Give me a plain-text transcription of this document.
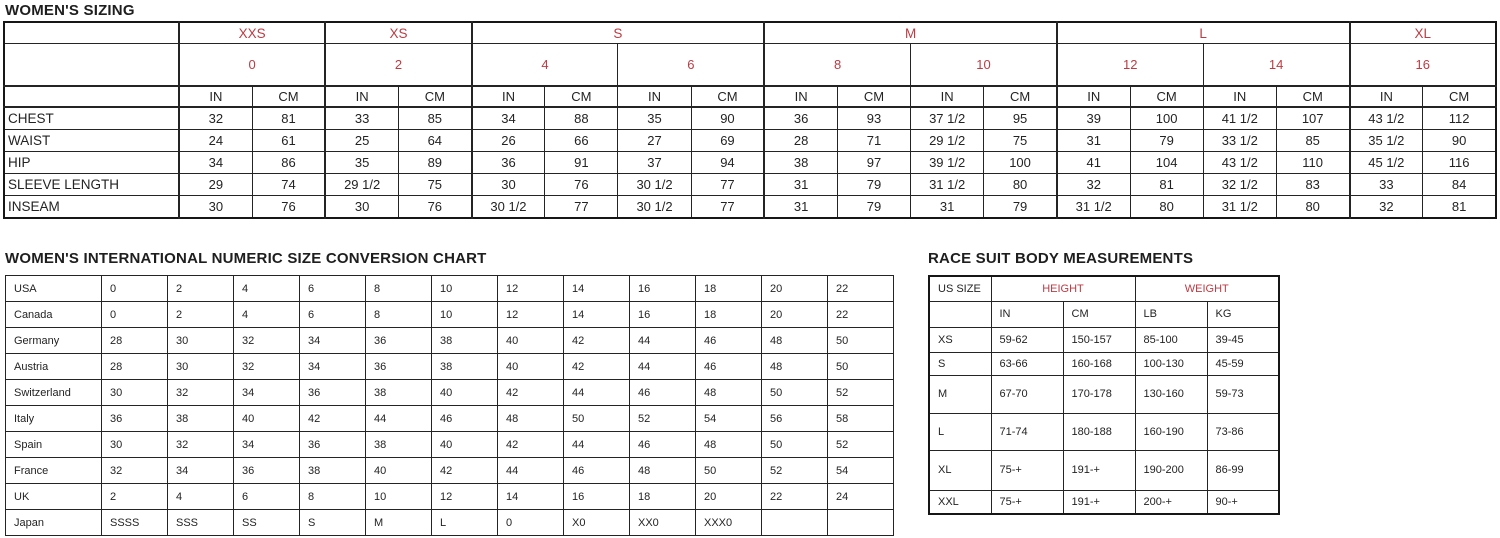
WOMEN'S SIZING
	XXS		XS		S				M				L				XL	
	0		2		4		6		8		10		12		14		16	
	IN	CM	IN	CM	IN	CM	IN	CM	IN	CM	IN	CM	IN	CM	IN	CM	IN	CM
CHEST	32	81	33	85	34	88	35	90	36	93	37 1/2	95	39	100	41 1/2	107	43 1/2	112
WAIST	24	61	25	64	26	66	27	69	28	71	29 1/2	75	31	79	33 1/2	85	35 1/2	90
HIP	34	86	35	89	36	91	37	94	38	97	39 1/2	100	41	104	43 1/2	110	45 1/2	116
SLEEVE LENGTH	29	74	29 1/2	75	30	76	30 1/2	77	31	79	31 1/2	80	32	81	32 1/2	83	33	84
INSEAM	30	76	30	76	30 1/2	77	30 1/2	77	31	79	31	79	31 1/2	80	31 1/2	80	32	81
WOMEN'S INTERNATIONAL NUMERIC SIZE CONVERSION CHART
USA	0	2	4	6	8	10	12	14	16	18	20	22
Canada	0	2	4	6	8	10	12	14	16	18	20	22
Germany	28	30	32	34	36	38	40	42	44	46	48	50
Austria	28	30	32	34	36	38	40	42	44	46	48	50
Switzerland	30	32	34	36	38	40	42	44	46	48	50	52
Italy	36	38	40	42	44	46	48	50	52	54	56	58
Spain	30	32	34	36	38	40	42	44	46	48	50	52
France	32	34	36	38	40	42	44	46	48	50	52	54
UK	2	4	6	8	10	12	14	16	18	20	22	24
Japan	SSSS	SSS	SS	S	M	L	0	X0	XX0	XXX0		
RACE SUIT BODY MEASUREMENTS
US SIZE	HEIGHT		WEIGHT	
	IN	CM	LB	KG
XS	59-62	150-157	85-100	39-45
S	63-66	160-168	100-130	45-59
M	67-70	170-178	130-160	59-73
L	71-74	180-188	160-190	73-86
XL	75-+	191-+	190-200	86-99
XXL	75-+	191-+	200-+	90-+
